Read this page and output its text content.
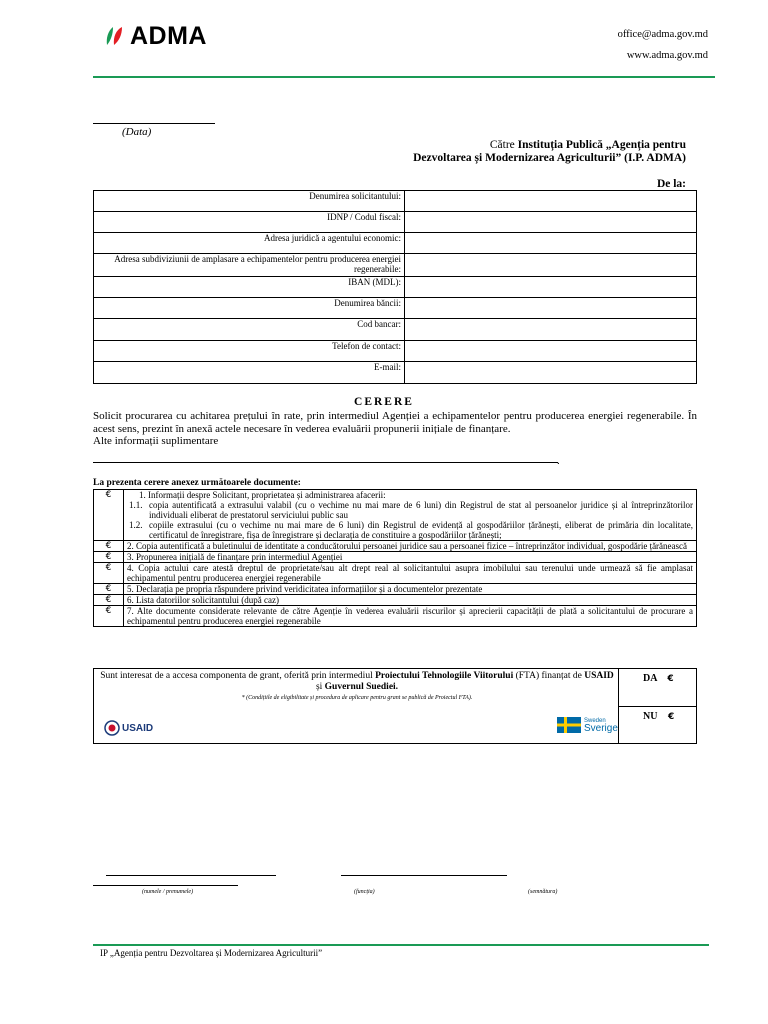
ADMA	office@adma.gov.md
www.adma.gov.md
(Data)
Către Instituția Publică „Agenția pentru
Dezvoltarea și Modernizarea Agriculturii” (I.P. ADMA)
De la:
Denumirea solicitantului:	
IDNP / Codul fiscal:	
Adresa juridică a agentului economic:	
Adresa subdiviziunii de amplasare a echipamentelor pentru producerea energiei regenerabile:	
IBAN (MDL):	
Denumirea băncii:	
Cod bancar:	
Telefon de contact:	
E-mail:	
CERERE
Solicit procurarea cu achitarea prețului în rate, prin intermediul Agenției a echipamentelor pentru producerea energiei regenerabile. În acest sens, prezint în anexă actele necesare în vederea evaluării propunerii inițiale de finanțare.
Alte informații suplimentare
.
La prezenta cerere anexez următoarele documente:
€	1. Informații despre Solicitant, proprietatea și administrarea afacerii:
1.1. copia autentificată a extrasului valabil (cu o vechime nu mai mare de 6 luni) din Registrul de stat al persoanelor juridice și al întreprinzătorilor individuali eliberat de prestatorul serviciului public sau
1.2. copiile extrasului (cu o vechime nu mai mare de 6 luni) din Registrul de evidență al gospodăriilor țărănești, eliberat de primăria din localitate, certificatul de înregistrare, fișa de înregistrare și declarația de constituire a gospodăriilor țărănești;

€	2. Copia autentificată a buletinului de identitate a conducătorului persoanei juridice sau a persoanei fizice – întreprinzător individual, gospodărie țărănească
€	3. Propunerea inițială de finanțare prin intermediul Agenției
€	4. Copia actului care atestă dreptul de proprietate/sau alt drept real al solicitantului asupra imobilului sau terenului unde urmează să fie amplasat echipamentul pentru producerea energiei regenerabile
€	5. Declarația pe propria răspundere privind veridicitatea informațiilor și a documentelor prezentate
€	6. Lista datoriilor solicitantului (după caz)
€	7. Alte documente considerate relevante de către Agenție în vederea evaluării riscurilor și aprecierii capacității de plată a solicitantului de procurare a echipamentul pentru producerea energiei regenerabile
Sunt interesat de a accesa componenta de grant, oferită prin intermediul Proiectului Tehnologiile Viitorului (FTA) finanțat de USAID și Guvernul Suediei.
* (Condițiile de eligibilitate și procedura de aplicare pentru grant se publică de Proiectul FTA).
DA €
NU €
USAID
Sweden
Sverige
(numele / prenumele)	(funcția)	(semnătura)
IP „Agenția pentru Dezvoltarea și Modernizarea Agriculturii”
